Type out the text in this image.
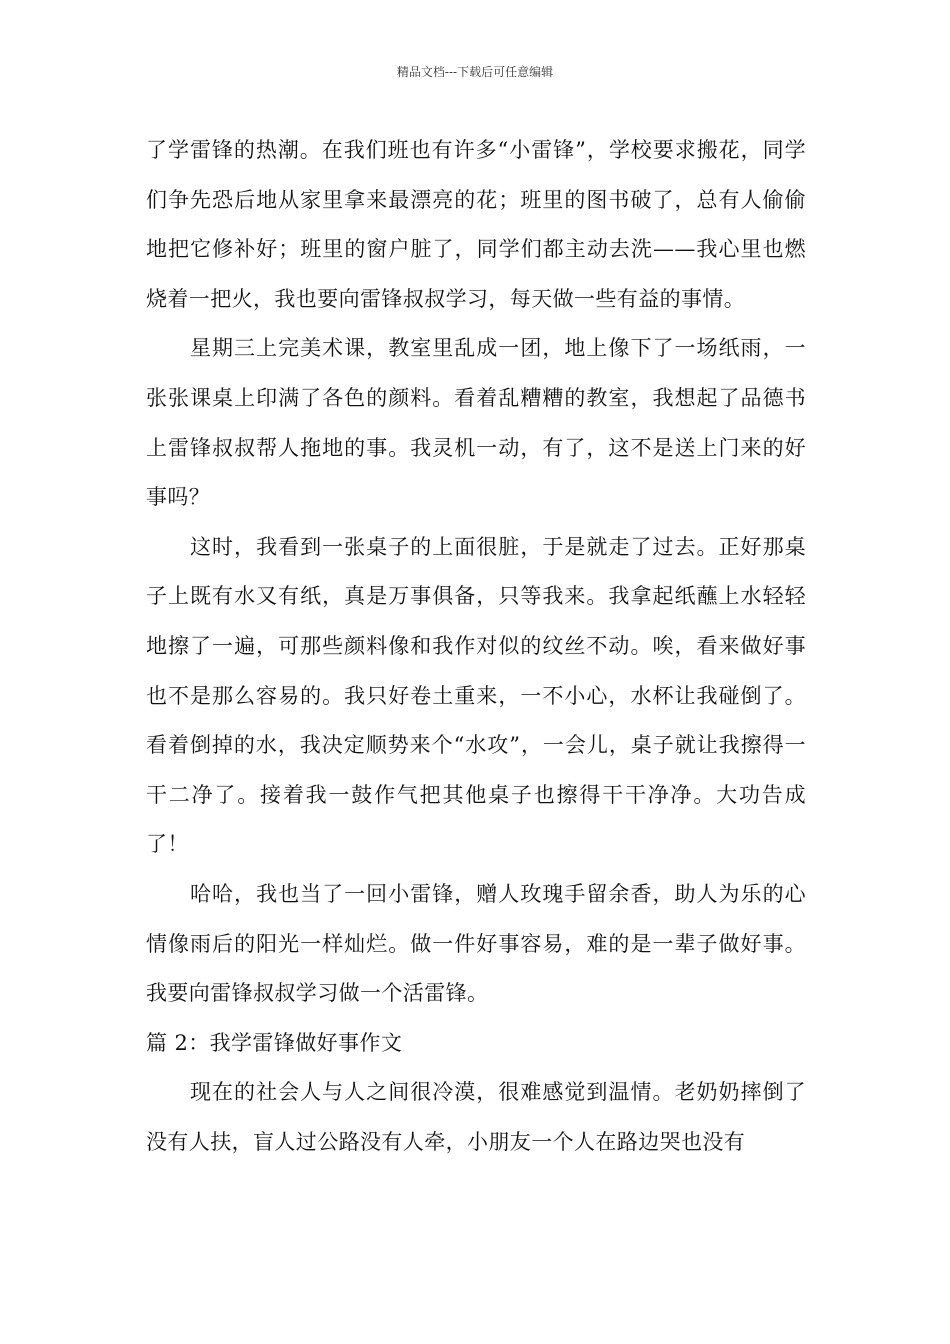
精品文档---下载后可任意编辑

了学雷锋的热潮。在我们班也有许多“小雷锋”，学校要求搬花，同学们争先恐后地从家里拿来最漂亮的花；班里的图书破了，总有人偷偷地把它修补好；班里的窗户脏了，同学们都主动去洗——我心里也燃烧着一把火，我也要向雷锋叔叔学习，每天做一些有益的事情。

星期三上完美术课，教室里乱成一团，地上像下了一场纸雨，一张张课桌上印满了各色的颜料。看着乱糟糟的教室，我想起了品德书上雷锋叔叔帮人拖地的事。我灵机一动，有了，这不是送上门来的好事吗？

这时，我看到一张桌子的上面很脏，于是就走了过去。正好那桌子上既有水又有纸，真是万事俱备，只等我来。我拿起纸蘸上水轻轻地擦了一遍，可那些颜料像和我作对似的纹丝不动。唉，看来做好事也不是那么容易的。我只好卷土重来，一不小心，水杯让我碰倒了。看着倒掉的水，我决定顺势来个“水攻”，一会儿，桌子就让我擦得一干二净了。接着我一鼓作气把其他桌子也擦得干干净净。大功告成了！

哈哈，我也当了一回小雷锋，赠人玫瑰手留余香，助人为乐的心情像雨后的阳光一样灿烂。做一件好事容易，难的是一辈子做好事。我要向雷锋叔叔学习做一个活雷锋。

篇 2：我学雷锋做好事作文

现在的社会人与人之间很冷漠，很难感觉到温情。老奶奶摔倒了没有人扶，盲人过公路没有人牵，小朋友一个人在路边哭也没有
